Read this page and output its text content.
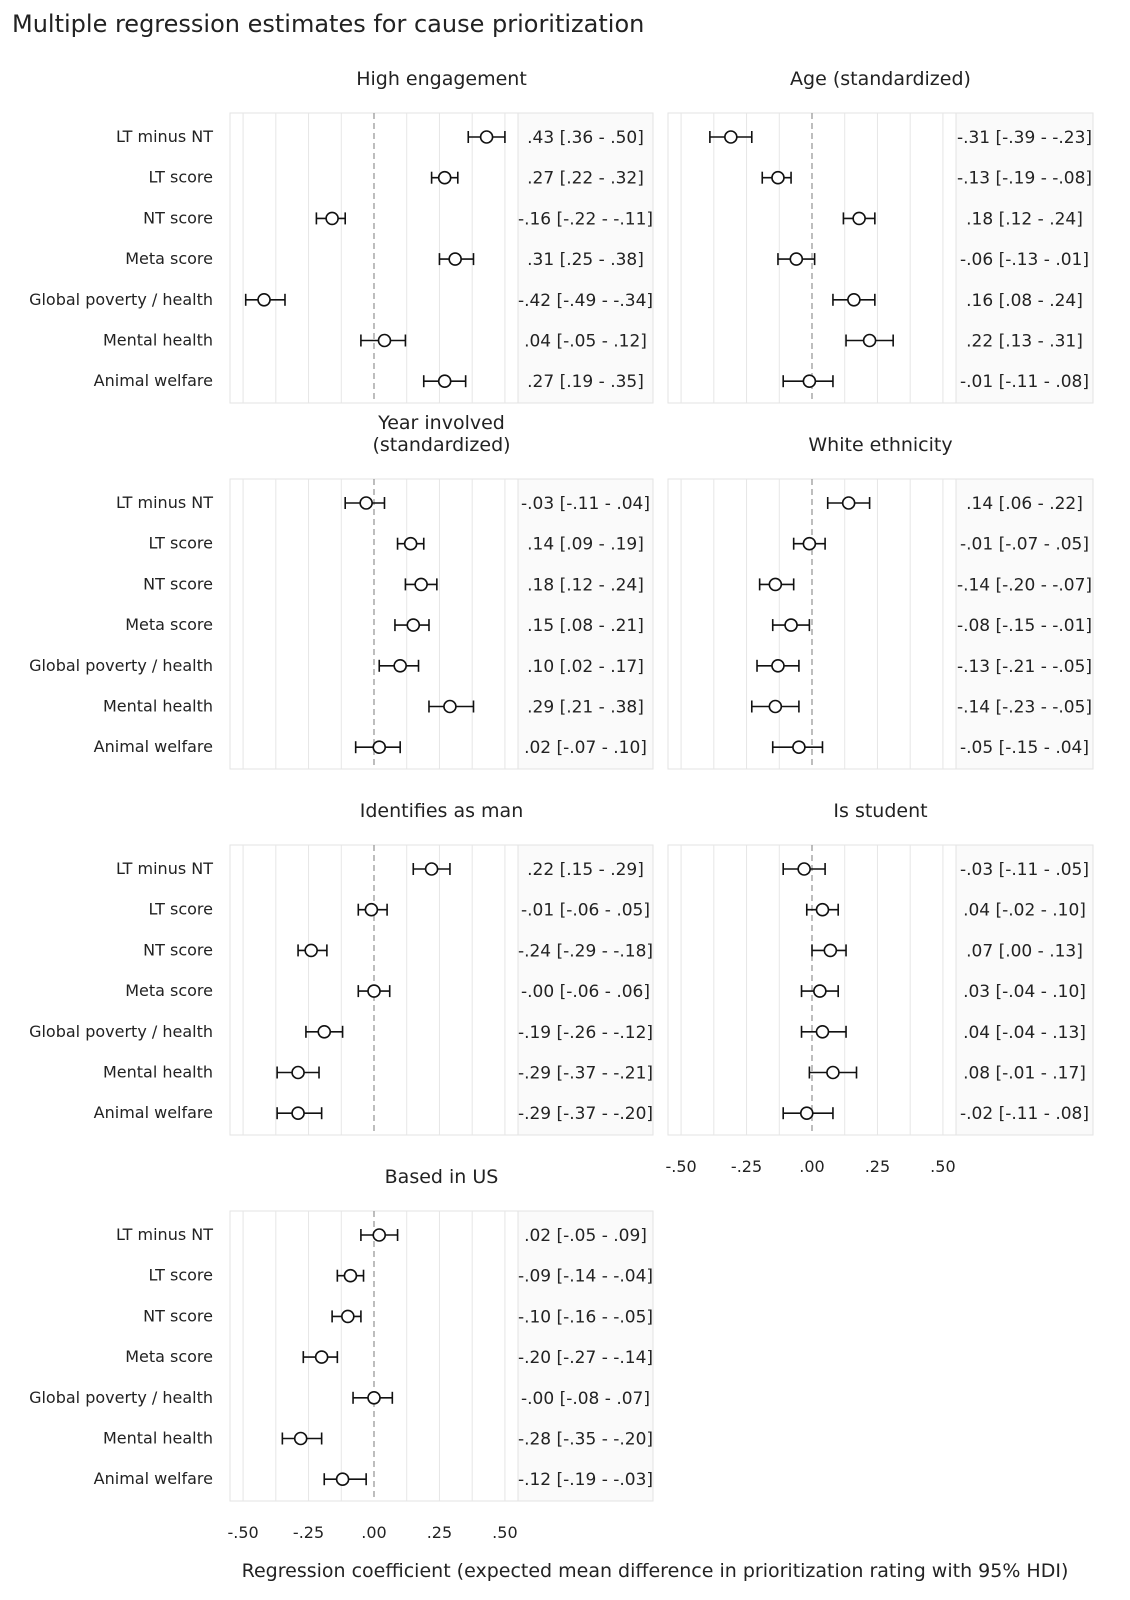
Multiple regression estimates for cause prioritization
High engagement
.43 [.36 - .50]
LT minus NT
.27 [.22 - .32]
LT score
-.16 [-.22 - -.11]
NT score
.31 [.25 - .38]
Meta score
-.42 [-.49 - -.34]
Global poverty / health
.04 [-.05 - .12]
Mental health
.27 [.19 - .35]
Animal welfare
Age (standardized)
-.31 [-.39 - -.23]
-.13 [-.19 - -.08]
.18 [.12 - .24]
-.06 [-.13 - .01]
.16 [.08 - .24]
.22 [.13 - .31]
-.01 [-.11 - .08]
Year involved
(standardized)
-.03 [-.11 - .04]
LT minus NT
.14 [.09 - .19]
LT score
.18 [.12 - .24]
NT score
.15 [.08 - .21]
Meta score
.10 [.02 - .17]
Global poverty / health
.29 [.21 - .38]
Mental health
.02 [-.07 - .10]
Animal welfare
White ethnicity
.14 [.06 - .22]
-.01 [-.07 - .05]
-.14 [-.20 - -.07]
-.08 [-.15 - -.01]
-.13 [-.21 - -.05]
-.14 [-.23 - -.05]
-.05 [-.15 - .04]
Identifies as man
.22 [.15 - .29]
LT minus NT
-.01 [-.06 - .05]
LT score
-.24 [-.29 - -.18]
NT score
-.00 [-.06 - .06]
Meta score
-.19 [-.26 - -.12]
Global poverty / health
-.29 [-.37 - -.21]
Mental health
-.29 [-.37 - -.20]
Animal welfare
Is student
-.03 [-.11 - .05]
.04 [-.02 - .10]
.07 [.00 - .13]
.03 [-.04 - .10]
.04 [-.04 - .13]
.08 [-.01 - .17]
-.02 [-.11 - .08]
Based in US
.02 [-.05 - .09]
LT minus NT
-.09 [-.14 - -.04]
LT score
-.10 [-.16 - -.05]
NT score
-.20 [-.27 - -.14]
Meta score
-.00 [-.08 - .07]
Global poverty / health
-.28 [-.35 - -.20]
Mental health
-.12 [-.19 - -.03]
Animal welfare
-.50 -.25 .00	.25	.50
-.50 -.25 .00	.25	.50
Regression coefficient (expected mean difference in prioritization rating with 95% HDI)
